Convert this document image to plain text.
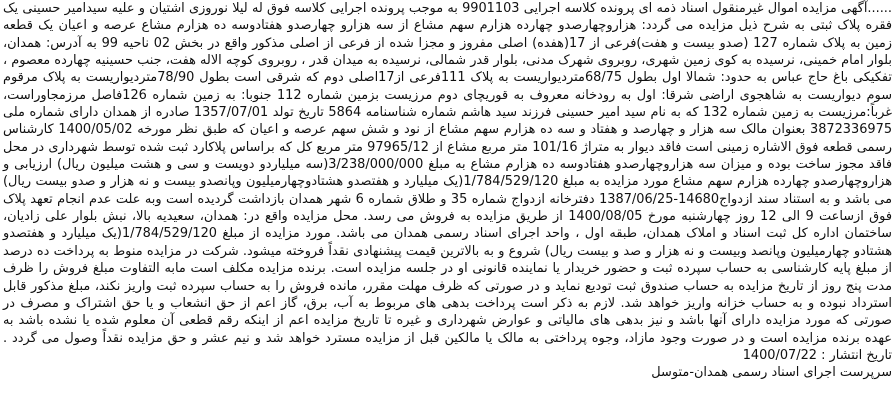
......آگهی مزایده اموال غیرمنقول اسناد ذمه ای پرونده کلاسه اجرایی 9901103 به موجب پرونده اجرایی کلاسه فوق له لیلا نوروزی اشتیان و علیه سیدامیر حسینی یک فقره پلاک ثبتی به شرح ذیل مزایده می گردد: هزاروچهارصدو چهارده هزارم سهم مشاع از سه هزارو چهارصدو هفتادوسه ده هزارم مشاع عرصه و اعیان یک قطعه زمین به پلاک شماره 127 (صدو بیست و هفت)فرعی از 17(هفده) اصلی مفروز و مجزا شده از فرعی از اصلی مذکور واقع در بخش 02 ناحیه 99 به آدرس: همدان، بلوار امام خمینی، نرسیده به کوی زمین شهری، روبروی شهرک مدنی، بلوار قدر شمالی، نرسیده به میدان قدر ، روبروی کوچه الاله هفت، جنب حسینیه چهارده معصوم ، تفکیکی باغ حاج عباس به حدود: شمالا اول بطول 68/75متردیواریست به پلاک 111فرعی از17اصلی دوم که شرقی است بطول 78/90متردیواریست به پلاک مرقوم سوم دیواریست به شاهجوی اراضی شرقا: اول به رودخانه معروف به قوریچای دوم مرزیست بزمین شماره 112 جنوبا: به زمین شماره 126فاصل مرزمجاوراست، غرباً:مرزیست به زمین شماره 132 که به نام سید امیر حسینی فرزند سید هاشم شماره شناسنامه 5864 تاریخ تولد 1357/07/01 صادره از همدان دارای شماره ملی 3872336975 بعنوان مالک سه هزار و چهارصد و هفتاد و سه ده هزارم سهم مشاع از نود و شش سهم عرصه و اعیان که طبق نظر مورخه 1400/05/02 کارشناس رسمی قطعه فوق الاشاره زمینی است فاقد دیوار به متراژ 101/16 متر مربع مشاع از 97965/12 متر مربع کل که براساس پلاکارد ثبت شده توسط شهرداری در محل فاقد مجوز ساخت بوده و میزان سه هزاروچهارصدو هفتادوسه ده هزارم مشاع به مبلغ 3/238/000/000(سه میلیاردو دویست و سی و هشت میلیون ریال) ارزیابی و هزاروچهارصدو چهارده هزارم سهم مشاع مورد مزایده به مبلغ 1/784/529/120(یک میلیارد و هفتصدو هشتادوچهارمیلیون وپانصدو بیست و نه هزار و صدو بیست ریال) می باشد و به استناد سند ازدواج14680-1387/06/25 دفترخانه ازدواج شماره 35 و طلاق شماره 6 شهر همدان بازداشت گردیده است وبه علت عدم انجام تعهد پلاک فوق ازساعت 9 الی 12 روز چهارشنبه مورخ 1400/08/05 از طریق مزایده به فروش می رسد. محل مزایده واقع در: همدان، سعیدیه بالا، نبش بلوار علی زادیان، ساختمان اداره کل ثبت اسناد و املاک همدان، طبقه اول ، واحد اجرای اسناد رسمی همدان می باشد. مورد مزایده از مبلغ 1/784/529/120(یک میلیارد و هفتصدو هشتادو چهارمیلیون وپانصد وبیست و نه هزار و صد و بیست ریال) شروع و به بالاترین قیمت پیشنهادی نقداً فروخته میشود. شرکت در مزایده منوط به پرداخت ده درصد از مبلغ پایه کارشناسی به حساب سپرده ثبت و حضور خریدار یا نماینده قانونی او در جلسه مزایده است. برنده مزایده مکلف است مابه التفاوت مبلغ فروش را ظرف مدت پنج روز از تاریخ مزایده به حساب صندوق ثبت تودیع نماید و در صورتی که ظرف مهلت مقرر، مانده فروش را به حساب سپرده ثبت واریز نکند، مبلغ مذکور قابل استرداد نبوده و به حساب خزانه واریز خواهد شد. لازم به ذکر است پرداخت بدهی های مربوط به آب، برق، گاز اعم از حق انشعاب و یا حق اشتراک و مصرف در صورتی که مورد مزایده دارای آنها باشد و نیز بدهی های مالیاتی و عوارض شهرداری و غیره تا تاریخ مزایده اعم از اینکه رقم قطعی آن معلوم شده یا نشده باشد به عهده برنده مزایده است و در صورت وجود مازاد، وجوه پرداختی به مالک یا مالکین قبل از مزایده مسترد خواهد شد و نیم عشر و حق مزایده نقداً وصول می گردد . تاریخ انتشار : 1400/07/22

سرپرست اجرای اسناد رسمی همدان-متوسل
